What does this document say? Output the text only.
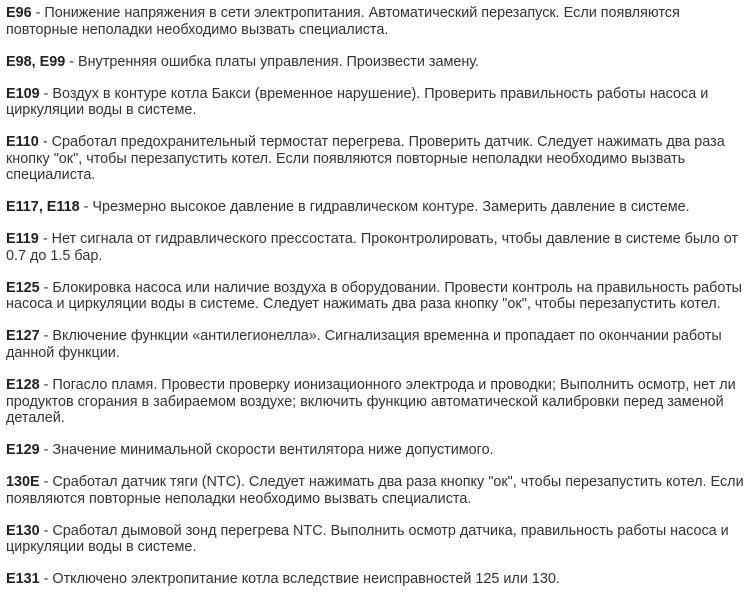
E96 - Понижение напряжения в сети электропитания. Автоматический перезапуск. Если появляются повторные неполадки необходимо вызвать специалиста.

E98, E99 - Внутренняя ошибка платы управления. Произвести замену.

E109 - Воздух в контуре котла Бакси (временное нарушение). Проверить правильность работы насоса и циркуляции воды в системе.

E110 - Сработал предохранительный термостат перегрева. Проверить датчик. Следует нажимать два раза кнопку "ок", чтобы перезапустить котел. Если появляются повторные неполадки необходимо вызвать специалиста.

E117, E118 - Чрезмерно высокое давление в гидравлическом контуре. Замерить давление в системе.

E119 - Нет сигнала от гидравлического прессостата. Проконтролировать, чтобы давление в системе было от 0.7 до 1.5 бар.

E125 - Блокировка насоса или наличие воздуха в оборудовании. Провести контроль на правильность работы насоса и циркуляции воды в системе. Следует нажимать два раза кнопку "ок", чтобы перезапустить котел.

E127 - Включение функции «антилегионелла». Сигнализация временна и пропадает по окончании работы данной функции.

E128 - Погасло пламя. Провести проверку ионизационного электрода и проводки; Выполнить осмотр, нет ли продуктов сгорания в забираемом воздухе; включить функцию автоматической калибровки перед заменой деталей.

E129 - Значение минимальной скорости вентилятора ниже допустимого.

130E - Сработал датчик тяги (NTC). Следует нажимать два раза кнопку "ок", чтобы перезапустить котел. Если появляются повторные неполадки необходимо вызвать специалиста.

E130 - Сработал дымовой зонд перегрева NTC. Выполнить осмотр датчика, правильность работы насоса и циркуляции воды в системе.

E131 - Отключено электропитание котла вследствие неисправностей 125 или 130.
